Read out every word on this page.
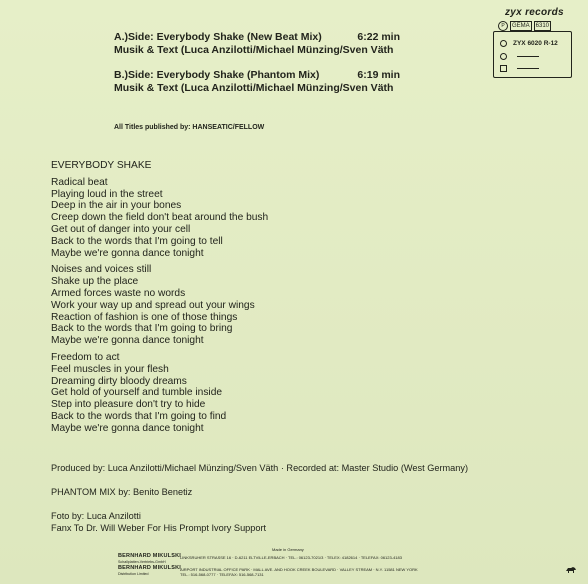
zyx records
P	GEMA	6310
ZYX 6020 R-12
A.)Side: Everybody Shake (New Beat Mix)	6:22 min
Musik & Text (Luca Anzilotti/Michael Münzing/Sven Väth
B.)Side: Everybody Shake (Phantom Mix)	6:19 min
Musik & Text (Luca Anzilotti/Michael Münzing/Sven Väth
All Titles published by: HANSEATIC/FELLOW
EVERYBODY SHAKE
Radical beat
Playing loud in the street
Deep in the air in your bones
Creep down the field don't beat around the bush
Get out of danger into your cell
Back to the words that I'm going to tell
Maybe we're gonna dance tonight
Noises and voices still
Shake up the place
Armed forces waste no words
Work your way up and spread out your wings
Reaction of fashion is one of those things
Back to the words that I'm going to bring
Maybe we're gonna dance tonight
Freedom to act
Feel muscles in your flesh
Dreaming dirty bloody dreams
Get hold of yourself and tumble inside
Step into pleasure don't try to hide
Back to the words that I'm going to find
Maybe we're gonna dance tonight
Produced by: Luca Anzilotti/Michael Münzing/Sven Väth · Recorded at: Master Studio (West Germany)
PHANTOM MIX by: Benito Benetiz
Foto by: Luca Anzilotti
Fanx To Dr. Will Weber For His Prompt Ivory Support
Made in Germany
BERNHARD MIKULSKI
Schallplatten-Vertriebs-GmbH
BERNHARD MIKULSKI
Distribution Limited
LINKSRUHER STRASSE 16 · D-6211 ELTVILLE-ERBACH · TEL.: 06123-7021/3 · TELEX: 4182614 · TELEFAX: 06123-4183
AIRPORT INDUSTRIAL OFFICE PARK · MALL AVE. AND HOOK CREEK BOULEVARD · VALLEY STREAM · N.Y. 11581 NEW YORK
TEL.: 516-568-0777 · TELEFAX: 516-568-7131
